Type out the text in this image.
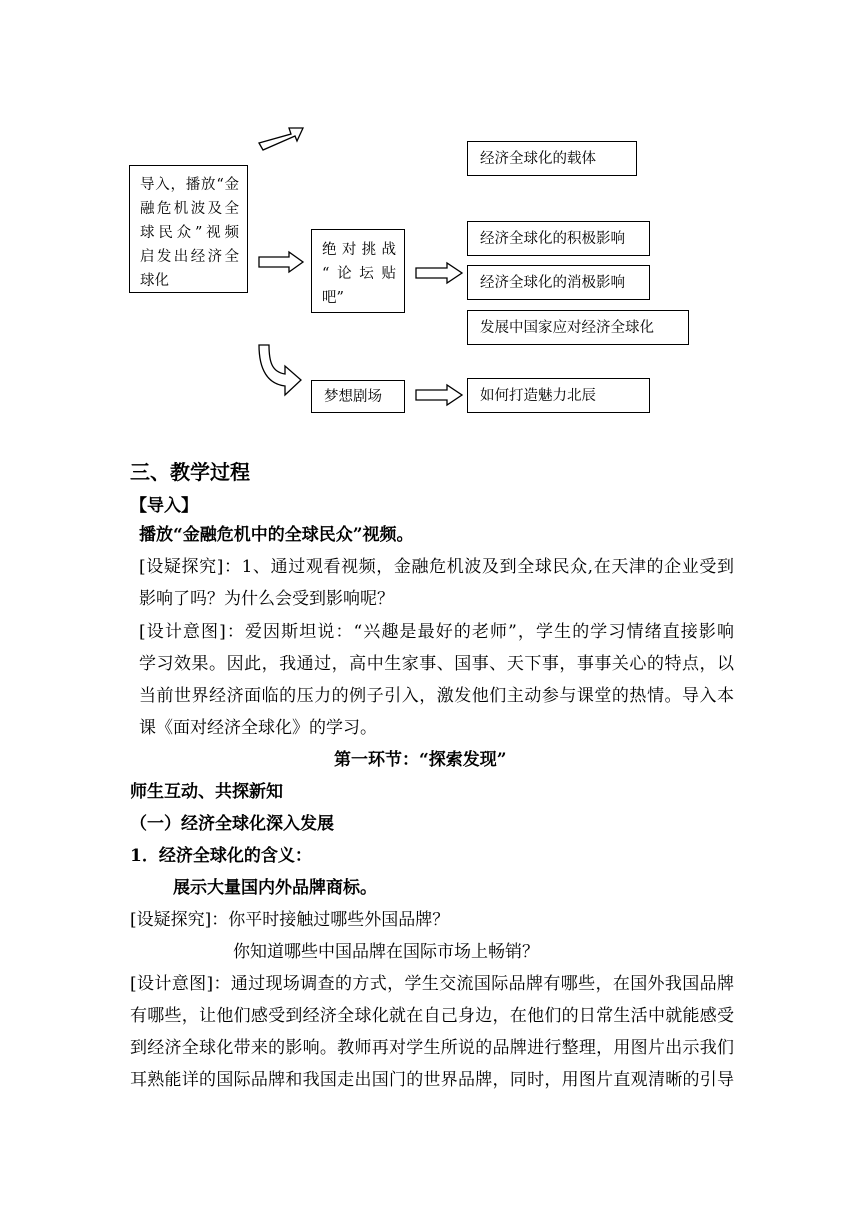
导入，播放“金
融危机波及全
球民众”视频
启发出经济全
球化
绝对挑战
“论坛贴
吧”
梦想剧场
经济全球化的载体
经济全球化的积极影响
经济全球化的消极影响
发展中国家应对经济全球化
如何打造魅力北辰
三、教学过程
【导入】
播放“金融危机中的全球民众”视频。
[设疑探究]：1、通过观看视频，金融危机波及到全球民众,在天津的企业受到
影响了吗？为什么会受到影响呢？
[设计意图]：爱因斯坦说：“兴趣是最好的老师”，学生的学习情绪直接影响
学习效果。因此，我通过，高中生家事、国事、天下事，事事关心的特点，以
当前世界经济面临的压力的例子引入，激发他们主动参与课堂的热情。导入本
课《面对经济全球化》的学习。
第一环节：“探索发现”
师生互动、共探新知
（一）经济全球化深入发展
1．经济全球化的含义：
展示大量国内外品牌商标。
[设疑探究]：你平时接触过哪些外国品牌？
你知道哪些中国品牌在国际市场上畅销？
[设计意图]：通过现场调查的方式，学生交流国际品牌有哪些，在国外我国品牌
有哪些，让他们感受到经济全球化就在自己身边，在他们的日常生活中就能感受
到经济全球化带来的影响。教师再对学生所说的品牌进行整理，用图片出示我们
耳熟能详的国际品牌和我国走出国门的世界品牌，同时，用图片直观清晰的引导
